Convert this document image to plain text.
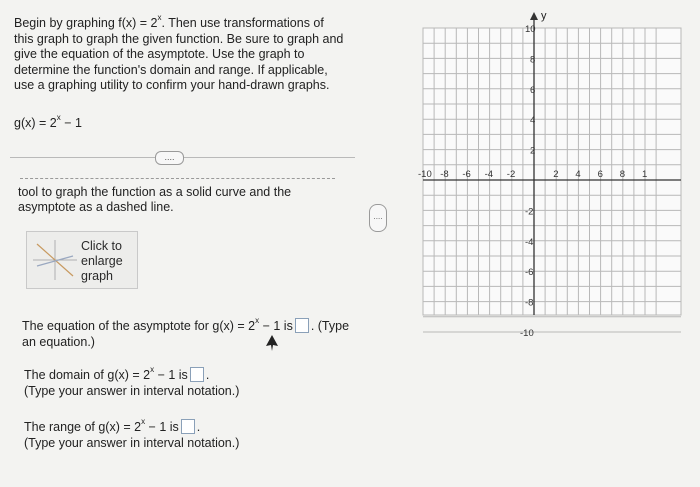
Begin by graphing $f(x) = 2^x$. Then use transformations of
this graph to graph the given function. Be sure to graph and
give the equation of the asymptote. Use the graph to
determine the function's domain and range. If applicable,
use a graphing utility to confirm your hand-drawn graphs.
$g(x) = 2^x - 1$
....
tool to graph the function as a solid curve and the
asymptote as a dashed line.
Click to
enlarge
graph
The equation of the asymptote for $g(x) = 2^x - 1$ is . (Type
an equation.)
The domain of $g(x) = 2^x - 1$ is .
(Type your answer in interval notation.)
The range of $g(x) = 2^x - 1$ is .
(Type your answer in interval notation.)
....
y
-10 -8 -6 -4 -2	2 4 6 8 1
10
8
6
4
2
-2
-4
-6
-8
-10
